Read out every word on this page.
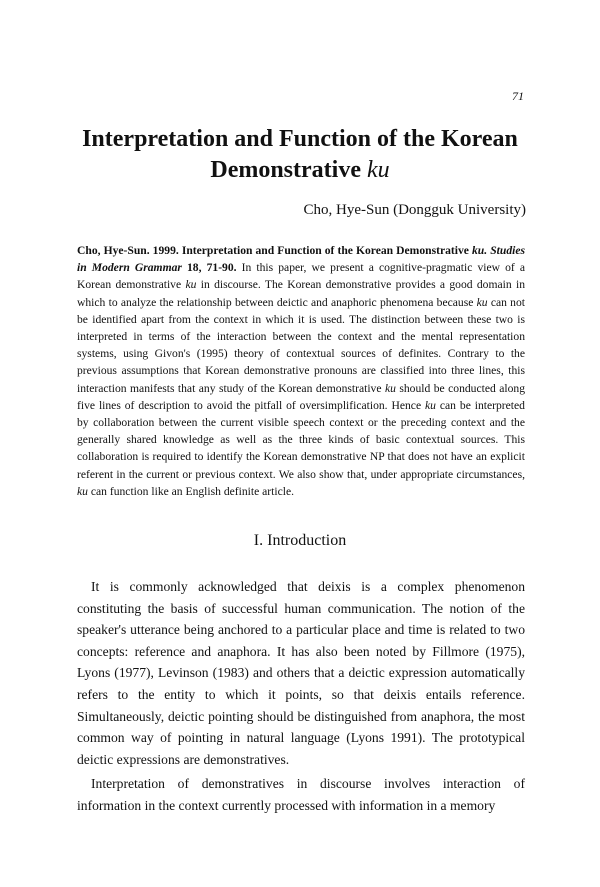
71
Interpretation and Function of the Korean
Demonstrative ku
Cho, Hye-Sun (Dongguk University)
Cho, Hye-Sun. 1999. Interpretation and Function of the Korean Demonstrative ku. Studies in Modern Grammar 18, 71-90. In this paper, we present a cognitive-pragmatic view of a Korean demonstrative ku in discourse. The Korean demonstrative provides a good domain in which to analyze the relationship between deictic and anaphoric phenomena because ku can not be identified apart from the context in which it is used. The distinction between these two is interpreted in terms of the interaction between the context and the mental representation systems, using Givon's (1995) theory of contextual sources of definites. Contrary to the previous assumptions that Korean demonstrative pronouns are classified into three lines, this interaction manifests that any study of the Korean demonstrative ku should be conducted along five lines of description to avoid the pitfall of oversimplification. Hence ku can be interpreted by collaboration between the current visible speech context or the preceding context and the generally shared knowledge as well as the three kinds of basic contextual sources. This collaboration is required to identify the Korean demonstrative NP that does not have an explicit referent in the current or previous context. We also show that, under appropriate circumstances, ku can function like an English definite article.
I. Introduction

It is commonly acknowledged that deixis is a complex phenomenon constituting the basis of successful human communication. The notion of the speaker's utterance being anchored to a particular place and time is related to two concepts: reference and anaphora. It has also been noted by Fillmore (1975), Lyons (1977), Levinson (1983) and others that a deictic expression automatically refers to the entity to which it points, so that deixis entails reference. Simultaneously, deictic pointing should be distinguished from anaphora, the most common way of pointing in natural language (Lyons 1991). The prototypical deictic expressions are demonstratives.

Interpretation of demonstratives in discourse involves interaction of information in the context currently processed with information in a memory
